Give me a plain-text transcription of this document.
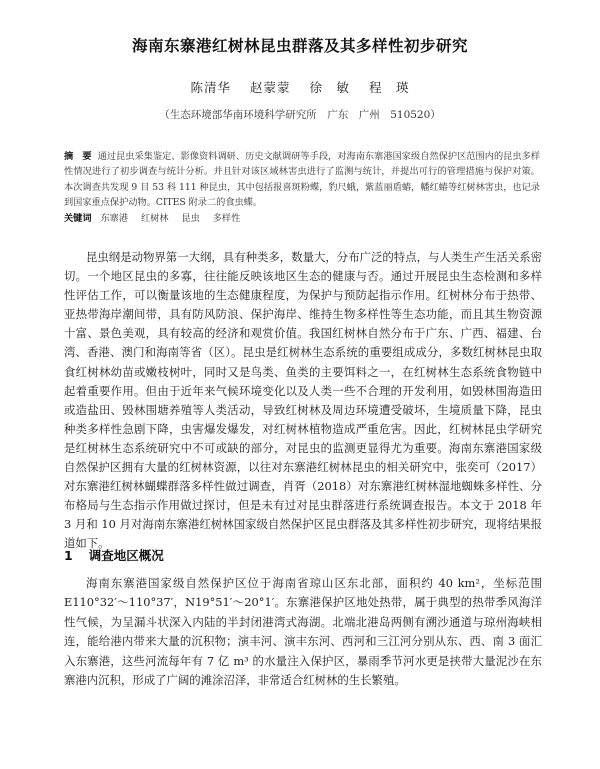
海南东寨港红树林昆虫群落及其多样性初步研究
陈清华 赵蒙蒙 徐　敏 程　瑛
（生态环境部华南环境科学研究所　广东　广州　510520）
摘　要 通过昆虫采集鉴定、影像资料调研、历史文献调研等手段，对海南东寨港国家级自然保护区范围内的昆虫多样性情况进行了初步调查与统计分析。并且针对该区域林害虫进行了监测与统计，并提出可行的管理措施与保护对策。本次调查共发现 9 目 53 科 111 种昆虫，其中包括报喜斑粉蝶，豹尺蛾，紫蓝丽盾蝽，幡红蝽等红树林害虫，也记录到国家重点保护动物。CITES 附录二的食虫蝶。
关键词 东寨港 红树林 昆虫 多样性
昆虫纲是动物界第一大纲，具有种类多，数量大，分布广泛的特点，与人类生产生活关系密切。一个地区昆虫的多寡，往往能反映该地区生态的健康与否。通过开展昆虫生态检测和多样性评估工作，可以衡量该地的生态健康程度，为保护与预防起指示作用。红树林分布于热带、亚热带海岸潮间带，具有防风防浪、保护海岸、维持生物多样性等生态功能，而且其生物资源十富、景色美观，具有较高的经济和观赏价值。我国红树林自然分布于广东、广西、福建、台湾、香港、澳门和海南等省（区）。昆虫是红树林生态系统的重要组成成分，多数红树林昆虫取食红树林幼苗或嫩枝树叶，同时又是鸟类、鱼类的主要饵料之一，在红树林生态系统食物链中起着重要作用。但由于近年来气候环境变化以及人类一些不合理的开发利用，如毁林围海造田或造盐田、毁林围塘养殖等人类活动，导致红树林及周边环境遭受破坏，生境质量下降，昆虫种类多样性急剧下降，虫害爆发爆发，对红树林植物造成严重危害。因此，红树林昆虫学研究是红树林生态系统研究中不可或缺的部分，对昆虫的监测更显得尤为重要。海南东寨港国家级自然保护区拥有大量的红树林资源，以往对东寨港红树林昆虫的相关研究中，张奕可（2017）对东寨港红树林蝴蝶群落多样性做过调查，肖胥（2018）对东寨港红树林湿地蜘蛛多样性、分布格局与生态指示作用做过探讨，但是未有过对昆虫群落进行系统调查报告。本文于 2018 年 3 月和 10 月对海南东寨港红树林国家级自然保护区昆虫群落及其多样性初步研究，现将结果报道如下。
1 调查地区概况
海南东寨港国家级自然保护区位于海南省琼山区东北部，面积约 40 km²，坐标范围 E110°32′～110°37′，N19°51′～20°1′。东寨港保护区地处热带，属于典型的热带季风海洋性气候，为呈漏斗状深入内陆的半封闭港湾式海湖。北端北港岛两侧有溯沙通道与琼州海峡相连，能给港内带来大量的沉积物；演丰河、演丰东河、西河和三江河分别从东、西、南 3 面汇入东寨港，这些河流每年有 7 亿 m³ 的水量注入保护区，暴雨季节河水更是挟带大量泥沙在东寨港内沉积，形成了广阔的滩涂沼泽，非常适合红树林的生长繁殖。
